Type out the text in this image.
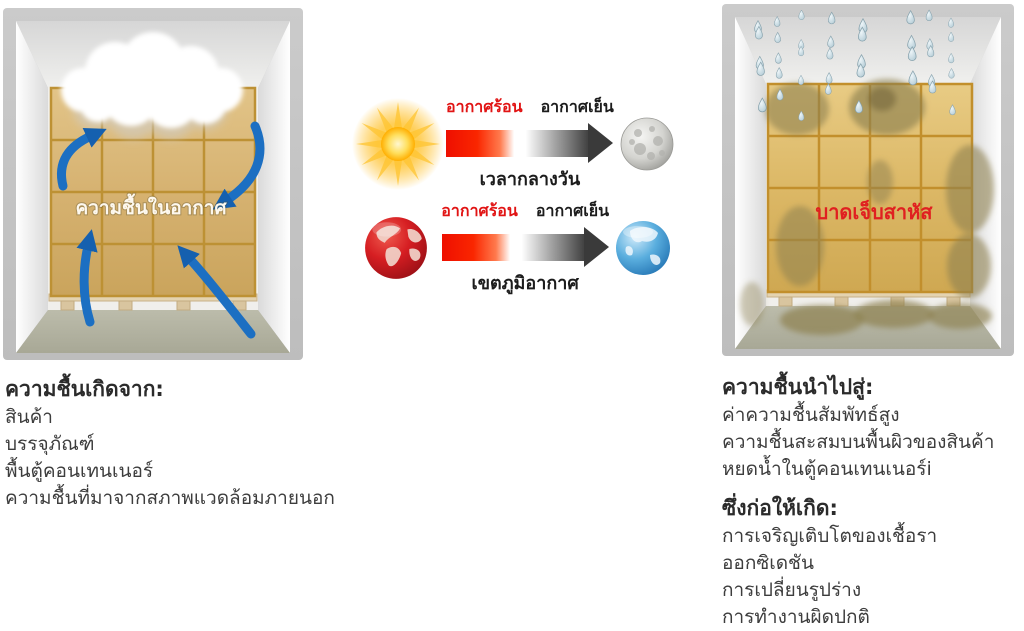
ความชื้นในอากาศ	บาดเจ็บสาหัส
อากาศร้อน อากาศเย็น
เวลากลางวัน
อากาศร้อน อากาศเย็น
เขตภูมิอากาศ
ความชื้นเกิดจาก:
สินค้า
บรรจุภัณฑ์
พื้นตู้คอนเทนเนอร์
ความชื้นที่มาจากสภาพแวดล้อมภายนอก
ความชื้นนำไปสู่:
ค่าความชื้นสัมพัทธ์สูง
ความชื้นสะสมบนพื้นผิวของสินค้า
หยดน้ำในตู้คอนเทนเนอร์i
ซึ่งก่อให้เกิด:
การเจริญเติบโตของเชื้อรา
ออกซิเดชัน
การเปลี่ยนรูปร่าง
การทำงานผิดปกติ
